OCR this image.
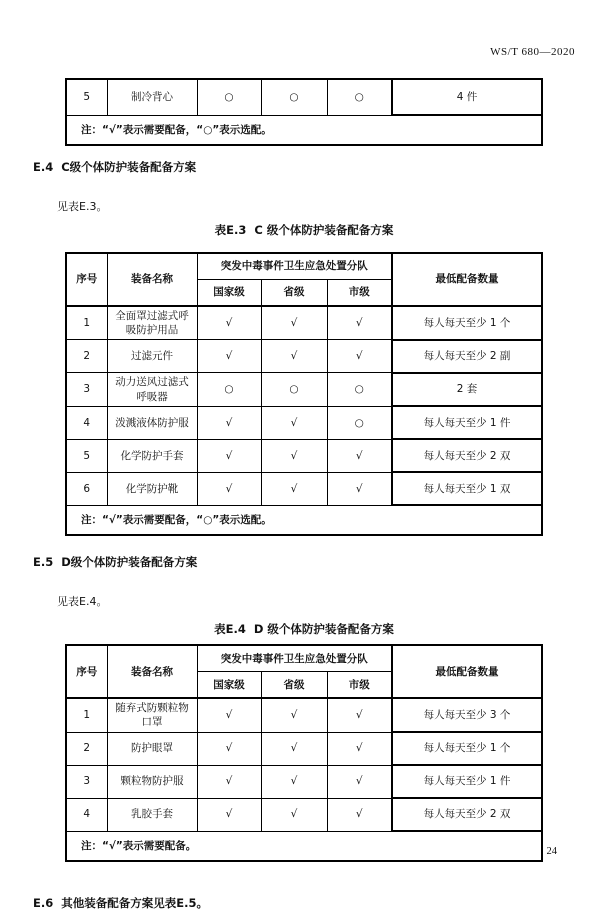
WS/T 680—2020
5	制冷背心	○	○	○	4 件
注：“√”表示需要配备，“○”表示选配。
E.4  C级个体防护装备配备方案
见表E.3。
表E.3  C 级个体防护装备配备方案
序号	装备名称	突发中毒事件卫生应急处置分队			最低配备数量
		国家级	省级	市级	
1	全面罩过滤式呼吸防护用品	√	√	√	每人每天至少 1 个
2	过滤元件	√	√	√	每人每天至少 2 副
3	动力送风过滤式呼吸器	○	○	○	2 套
4	泼溅液体防护服	√	√	○	每人每天至少 1 件
5	化学防护手套	√	√	√	每人每天至少 2 双
6	化学防护靴	√	√	√	每人每天至少 1 双
注：“√”表示需要配备，“○”表示选配。					
E.5  D级个体防护装备配备方案
见表E.4。
表E.4  D 级个体防护装备配备方案
序号	装备名称	突发中毒事件卫生应急处置分队			最低配备数量
		国家级	省级	市级	
1	随弃式防颗粒物口罩	√	√	√	每人每天至少 3 个
2	防护眼罩	√	√	√	每人每天至少 1 个
3	颗粒物防护服	√	√	√	每人每天至少 1 件
4	乳胶手套	√	√	√	每人每天至少 2 双
注：“√”表示需要配备。					
E.6  其他装备配备方案见表E.5。
24
